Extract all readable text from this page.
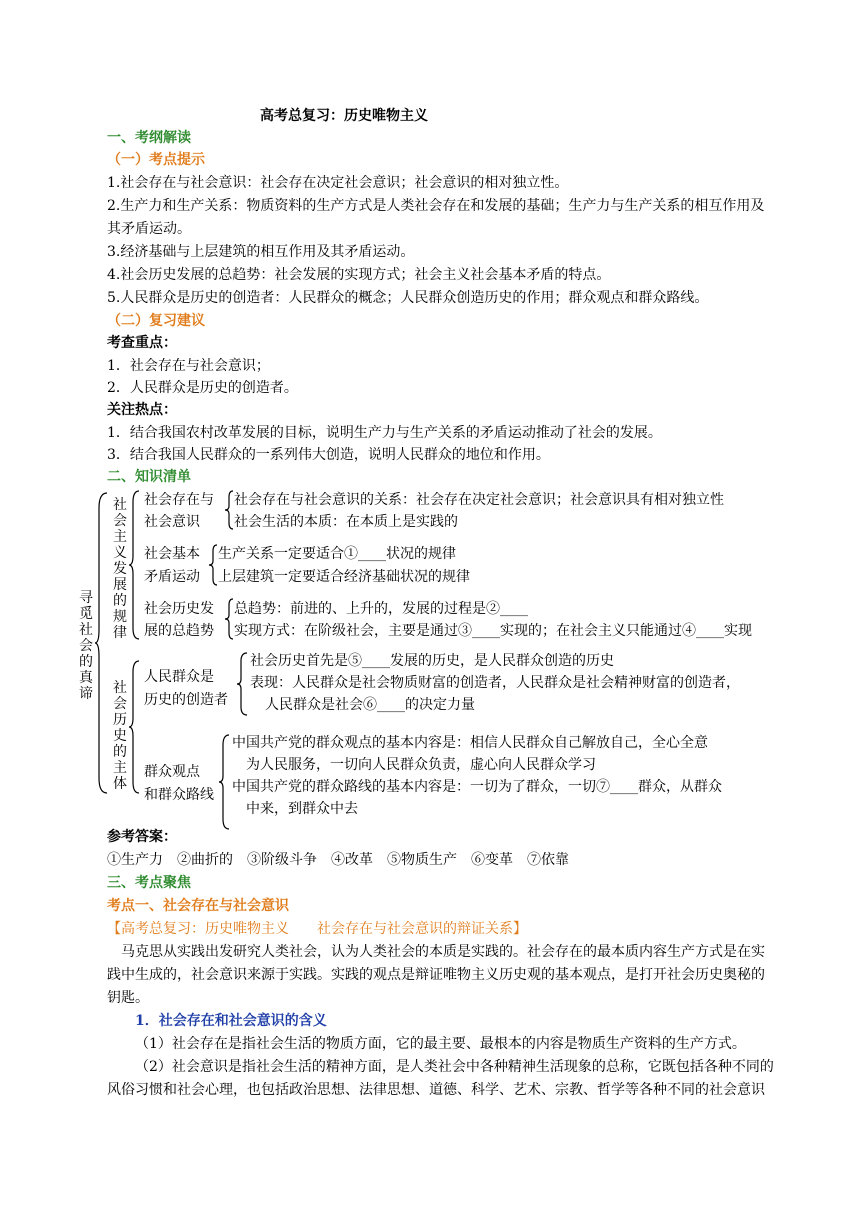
高考总复习：历史唯物主义
一、考纲解读
（一）考点提示
1.社会存在与社会意识：社会存在决定社会意识；社会意识的相对独立性。
2.生产力和生产关系：物质资料的生产方式是人类社会存在和发展的基础；生产力与生产关系的相互作用及
其矛盾运动。
3.经济基础与上层建筑的相互作用及其矛盾运动。
4.社会历史发展的总趋势：社会发展的实现方式；社会主义社会基本矛盾的特点。
5.人民群众是历史的创造者：人民群众的概念；人民群众创造历史的作用；群众观点和群众路线。
（二）复习建议
考查重点：
1．社会存在与社会意识；
2．人民群众是历史的创造者。
关注热点：
1．结合我国农村改革发展的目标，说明生产力与生产关系的矛盾运动推动了社会的发展。
3．结合我国人民群众的一系列伟大创造，说明人民群众的地位和作用。
二、知识清单
寻觅社会的真谛
社会主义发展的规律
社会历史的主体
社会存在与
社会意识
社会存在与社会意识的关系：社会存在决定社会意识；社会意识具有相对独立性
社会生活的本质：在本质上是实践的
社会基本
矛盾运动
生产关系一定要适合①____状况的规律
上层建筑一定要适合经济基础状况的规律
社会历史发
展的总趋势
总趋势：前进的、上升的，发展的过程是②____
实现方式：在阶级社会，主要是通过③____实现的；在社会主义只能通过④____实现
人民群众是
历史的创造者
社会历史首先是⑤____发展的历史，是人民群众创造的历史
表现：人民群众是社会物质财富的创造者，人民群众是社会精神财富的创造者，
人民群众是社会⑥____的决定力量
群众观点
和群众路线
中国共产党的群众观点的基本内容是：相信人民群众自己解放自己，全心全意
为人民服务，一切向人民群众负责，虚心向人民群众学习
中国共产党的群众路线的基本内容是：一切为了群众，一切⑦____群众，从群众
中来，到群众中去
参考答案：
①生产力　②曲折的　③阶级斗争　④改革　⑤物质生产　⑥变革　⑦依靠
三、考点聚焦
考点一、社会存在与社会意识
【高考总复习：历史唯物主义　　社会存在与社会意识的辩证关系】
马克思从实践出发研究人类社会，认为人类社会的本质是实践的。社会存在的最本质内容生产方式是在实
践中生成的，社会意识来源于实践。实践的观点是辩证唯物主义历史观的基本观点，是打开社会历史奥秘的
钥匙。
1．社会存在和社会意识的含义
（1）社会存在是指社会生活的物质方面，它的最主要、最根本的内容是物质生产资料的生产方式。
（2）社会意识是指社会生活的精神方面，是人类社会中各种精神生活现象的总称，它既包括各种不同的
风俗习惯和社会心理，也包括政治思想、法律思想、道德、科学、艺术、宗教、哲学等各种不同的社会意识
